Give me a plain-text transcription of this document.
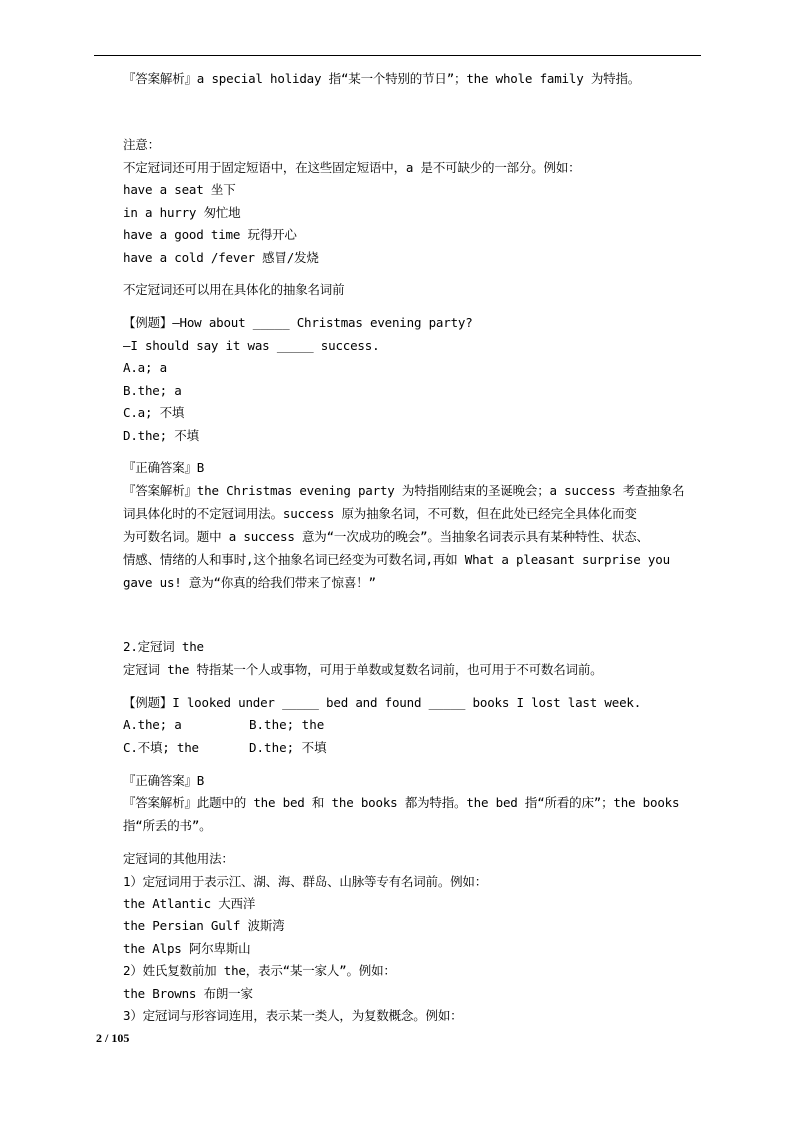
『答案解析』a special holiday 指“某一个特别的节日”；the whole family 为特指。
注意：
不定冠词还可用于固定短语中，在这些固定短语中，a 是不可缺少的一部分。例如：
have a seat 坐下
in a hurry 匆忙地
have a good time 玩得开心
have a cold /fever 感冒/发烧
不定冠词还可以用在具体化的抽象名词前
【例题】—How about _____ Christmas evening party?
—I should say it was _____ success.
A.a; a
B.the; a
C.a; 不填
D.the; 不填
『正确答案』B
『答案解析』the Christmas evening party 为特指刚结束的圣诞晚会；a success 考查抽象名
词具体化时的不定冠词用法。success 原为抽象名词，不可数，但在此处已经完全具体化而变
为可数名词。题中 a success 意为“一次成功的晚会”。当抽象名词表示具有某种特性、状态、
情感、情绪的人和事时,这个抽象名词已经变为可数名词,再如 What a pleasant surprise you
gave us! 意为“你真的给我们带来了惊喜！”
2.定冠词 the
定冠词 the 特指某一个人或事物，可用于单数或复数名词前，也可用于不可数名词前。
【例题】I looked under _____ bed and found _____ books I lost last week.
A.the; a	B.the; the
C.不填; the	D.the; 不填
『正确答案』B
『答案解析』此题中的 the bed 和 the books 都为特指。the bed 指“所看的床”；the books
指“所丢的书”。
定冠词的其他用法：
1）定冠词用于表示江、湖、海、群岛、山脉等专有名词前。例如：
the Atlantic 大西洋
the Persian Gulf 波斯湾
the Alps 阿尔卑斯山
2）姓氏复数前加 the，表示“某一家人”。例如：
the Browns 布朗一家
3）定冠词与形容词连用，表示某一类人，为复数概念。例如：
2 / 105
